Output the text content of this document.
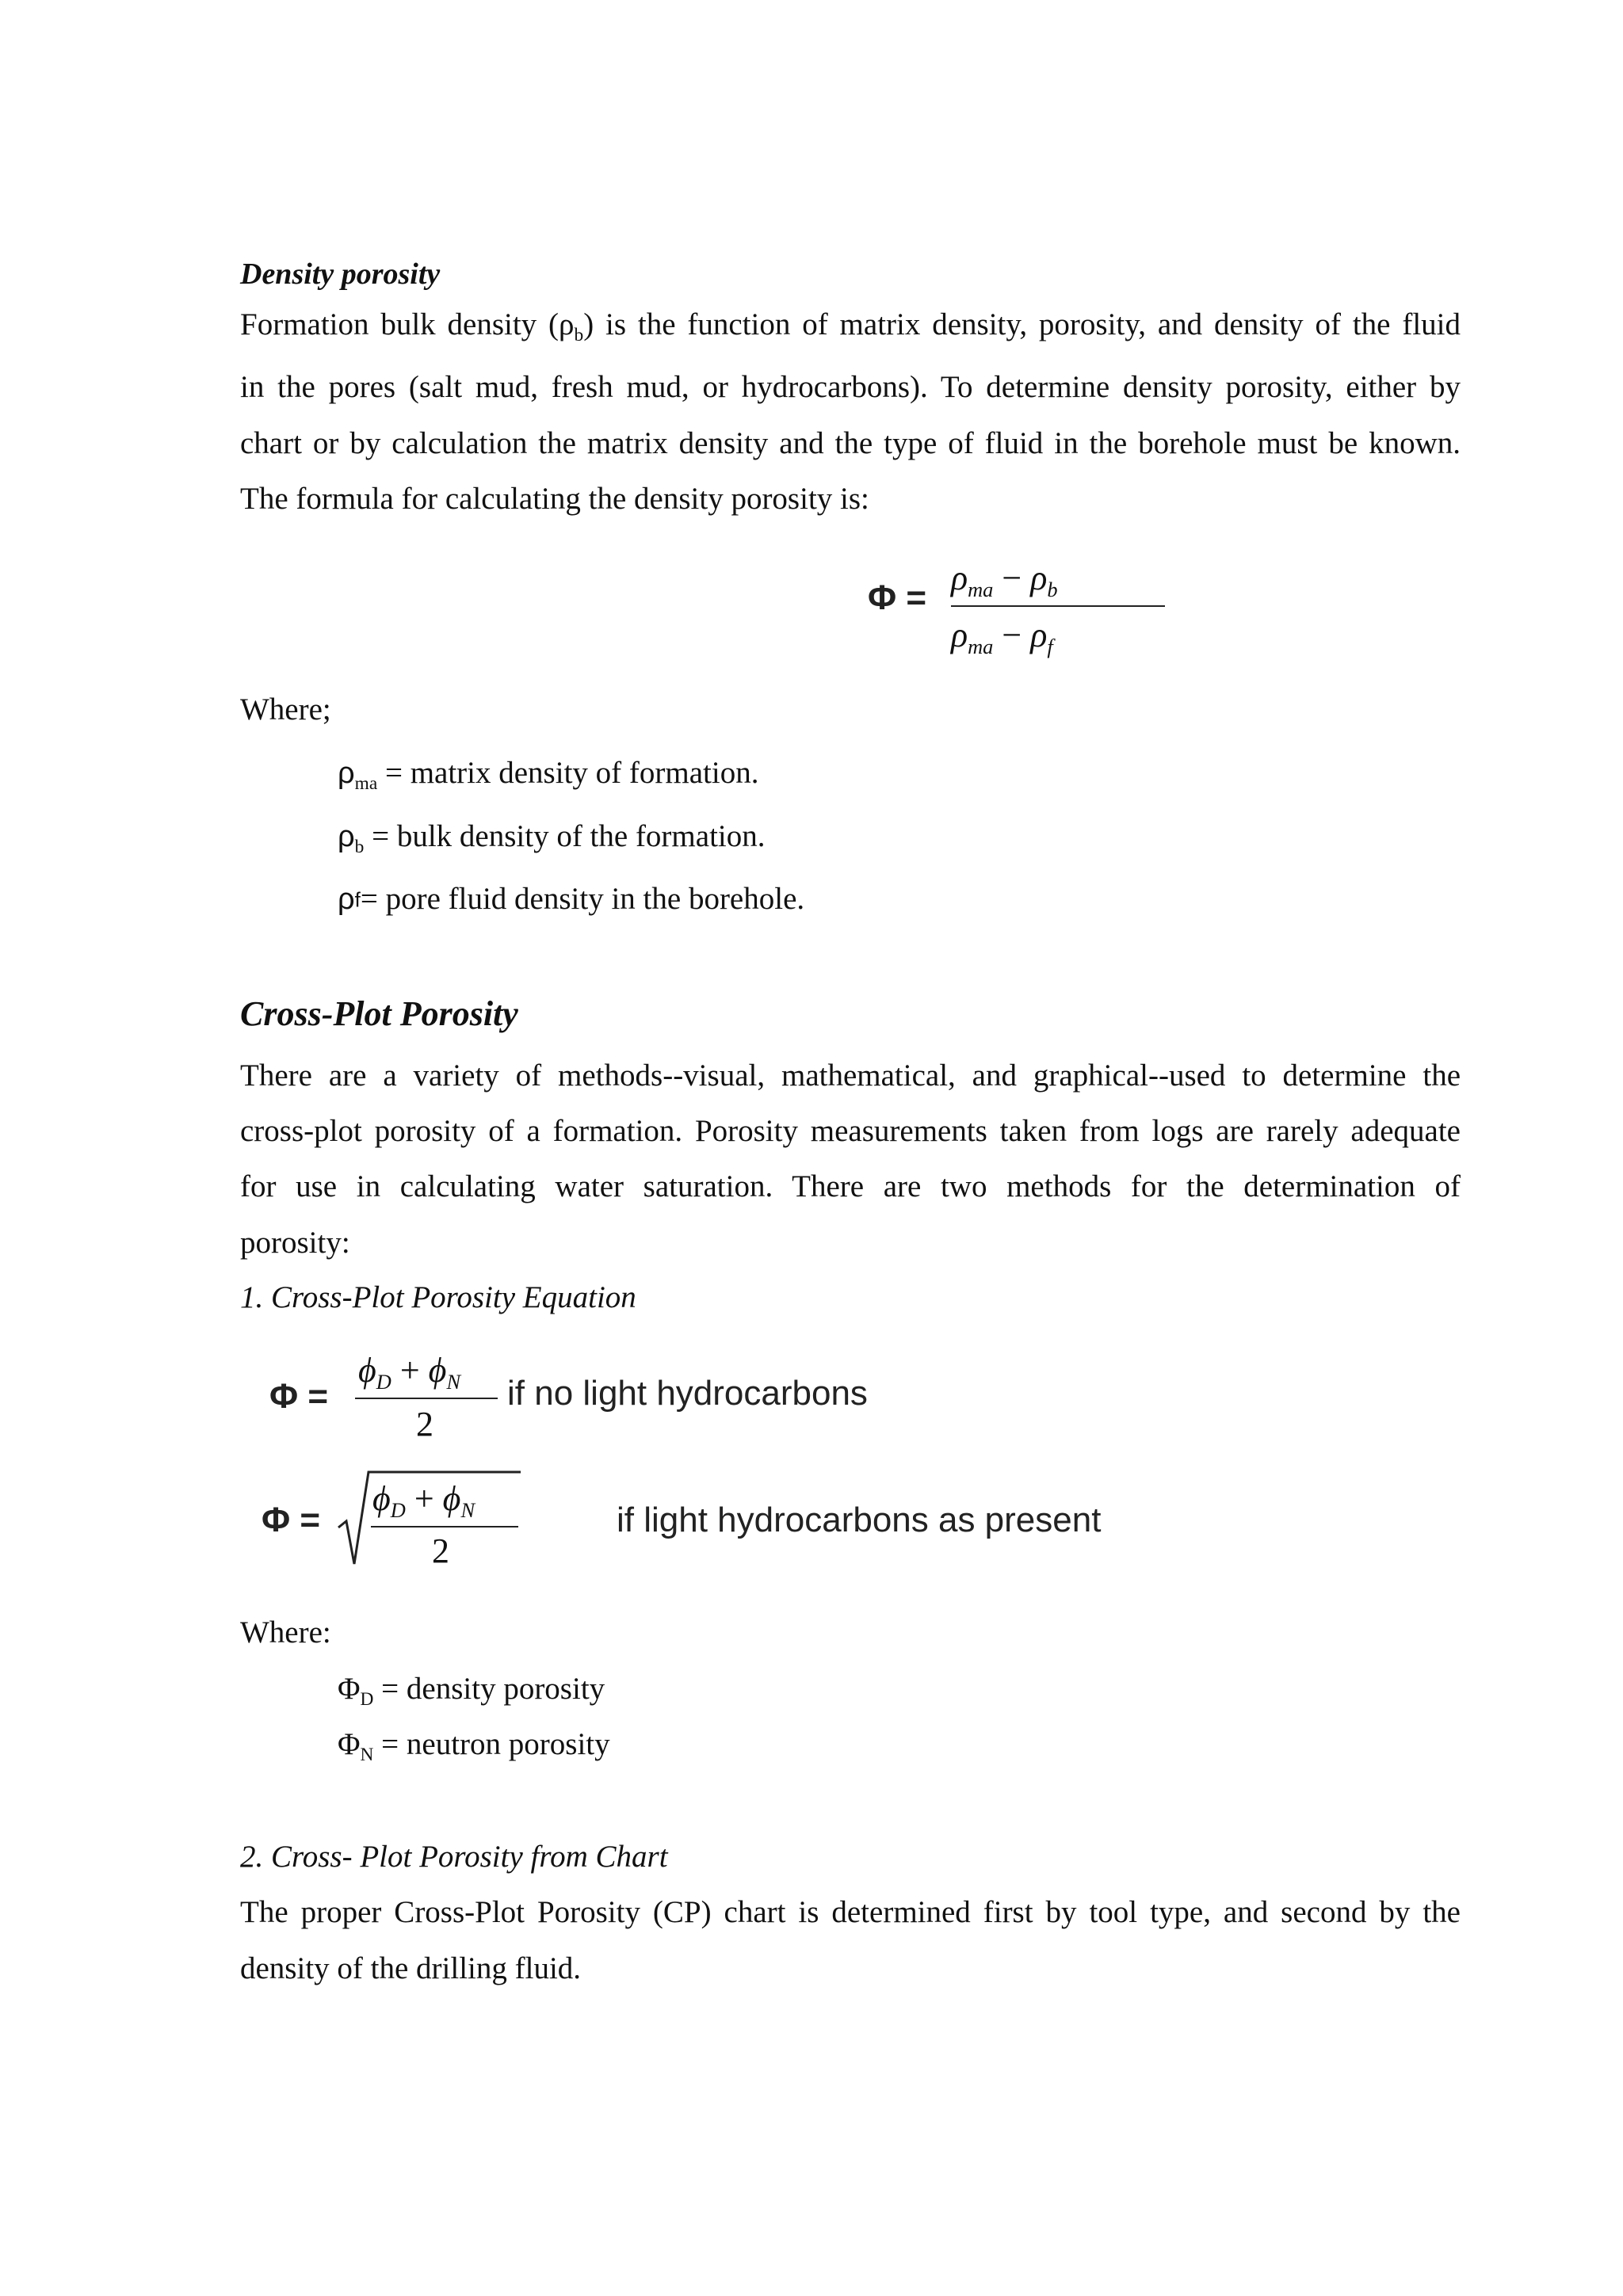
Density porosity
Formation bulk density $(\rho_b)$ is the function of matrix density, porosity, and density of the fluid
in the pores (salt mud, fresh mud, or hydrocarbons). To determine density porosity, either by
chart or by calculation the matrix density and the type of fluid in the borehole must be known.
The formula for calculating the density porosity is:
Φ =
$\rho_{ma} - \rho_b$
$\rho_{ma} - \rho_f$
Where;
$\rho_{ma}$ = matrix density of formation.
$\rho_b$ = bulk density of the formation.
ρf= pore fluid density in the borehole.
Cross-Plot Porosity
There are a variety of methods--visual, mathematical, and graphical--used to determine the
cross-plot porosity of a formation. Porosity measurements taken from logs are rarely adequate
for use in calculating water saturation. There are two methods for the determination of
porosity:
1. Cross-Plot Porosity Equation
Φ =
$\phi_D + \phi_N$
2
if no light hydrocarbons
Φ =
$\phi_D + \phi_N$
2
if light hydrocarbons as present
Where:
$\Phi_D$ = density porosity
$\Phi_N$ = neutron porosity
2. Cross- Plot Porosity from Chart
The proper Cross-Plot Porosity (CP) chart is determined first by tool type, and second by the
density of the drilling fluid.
